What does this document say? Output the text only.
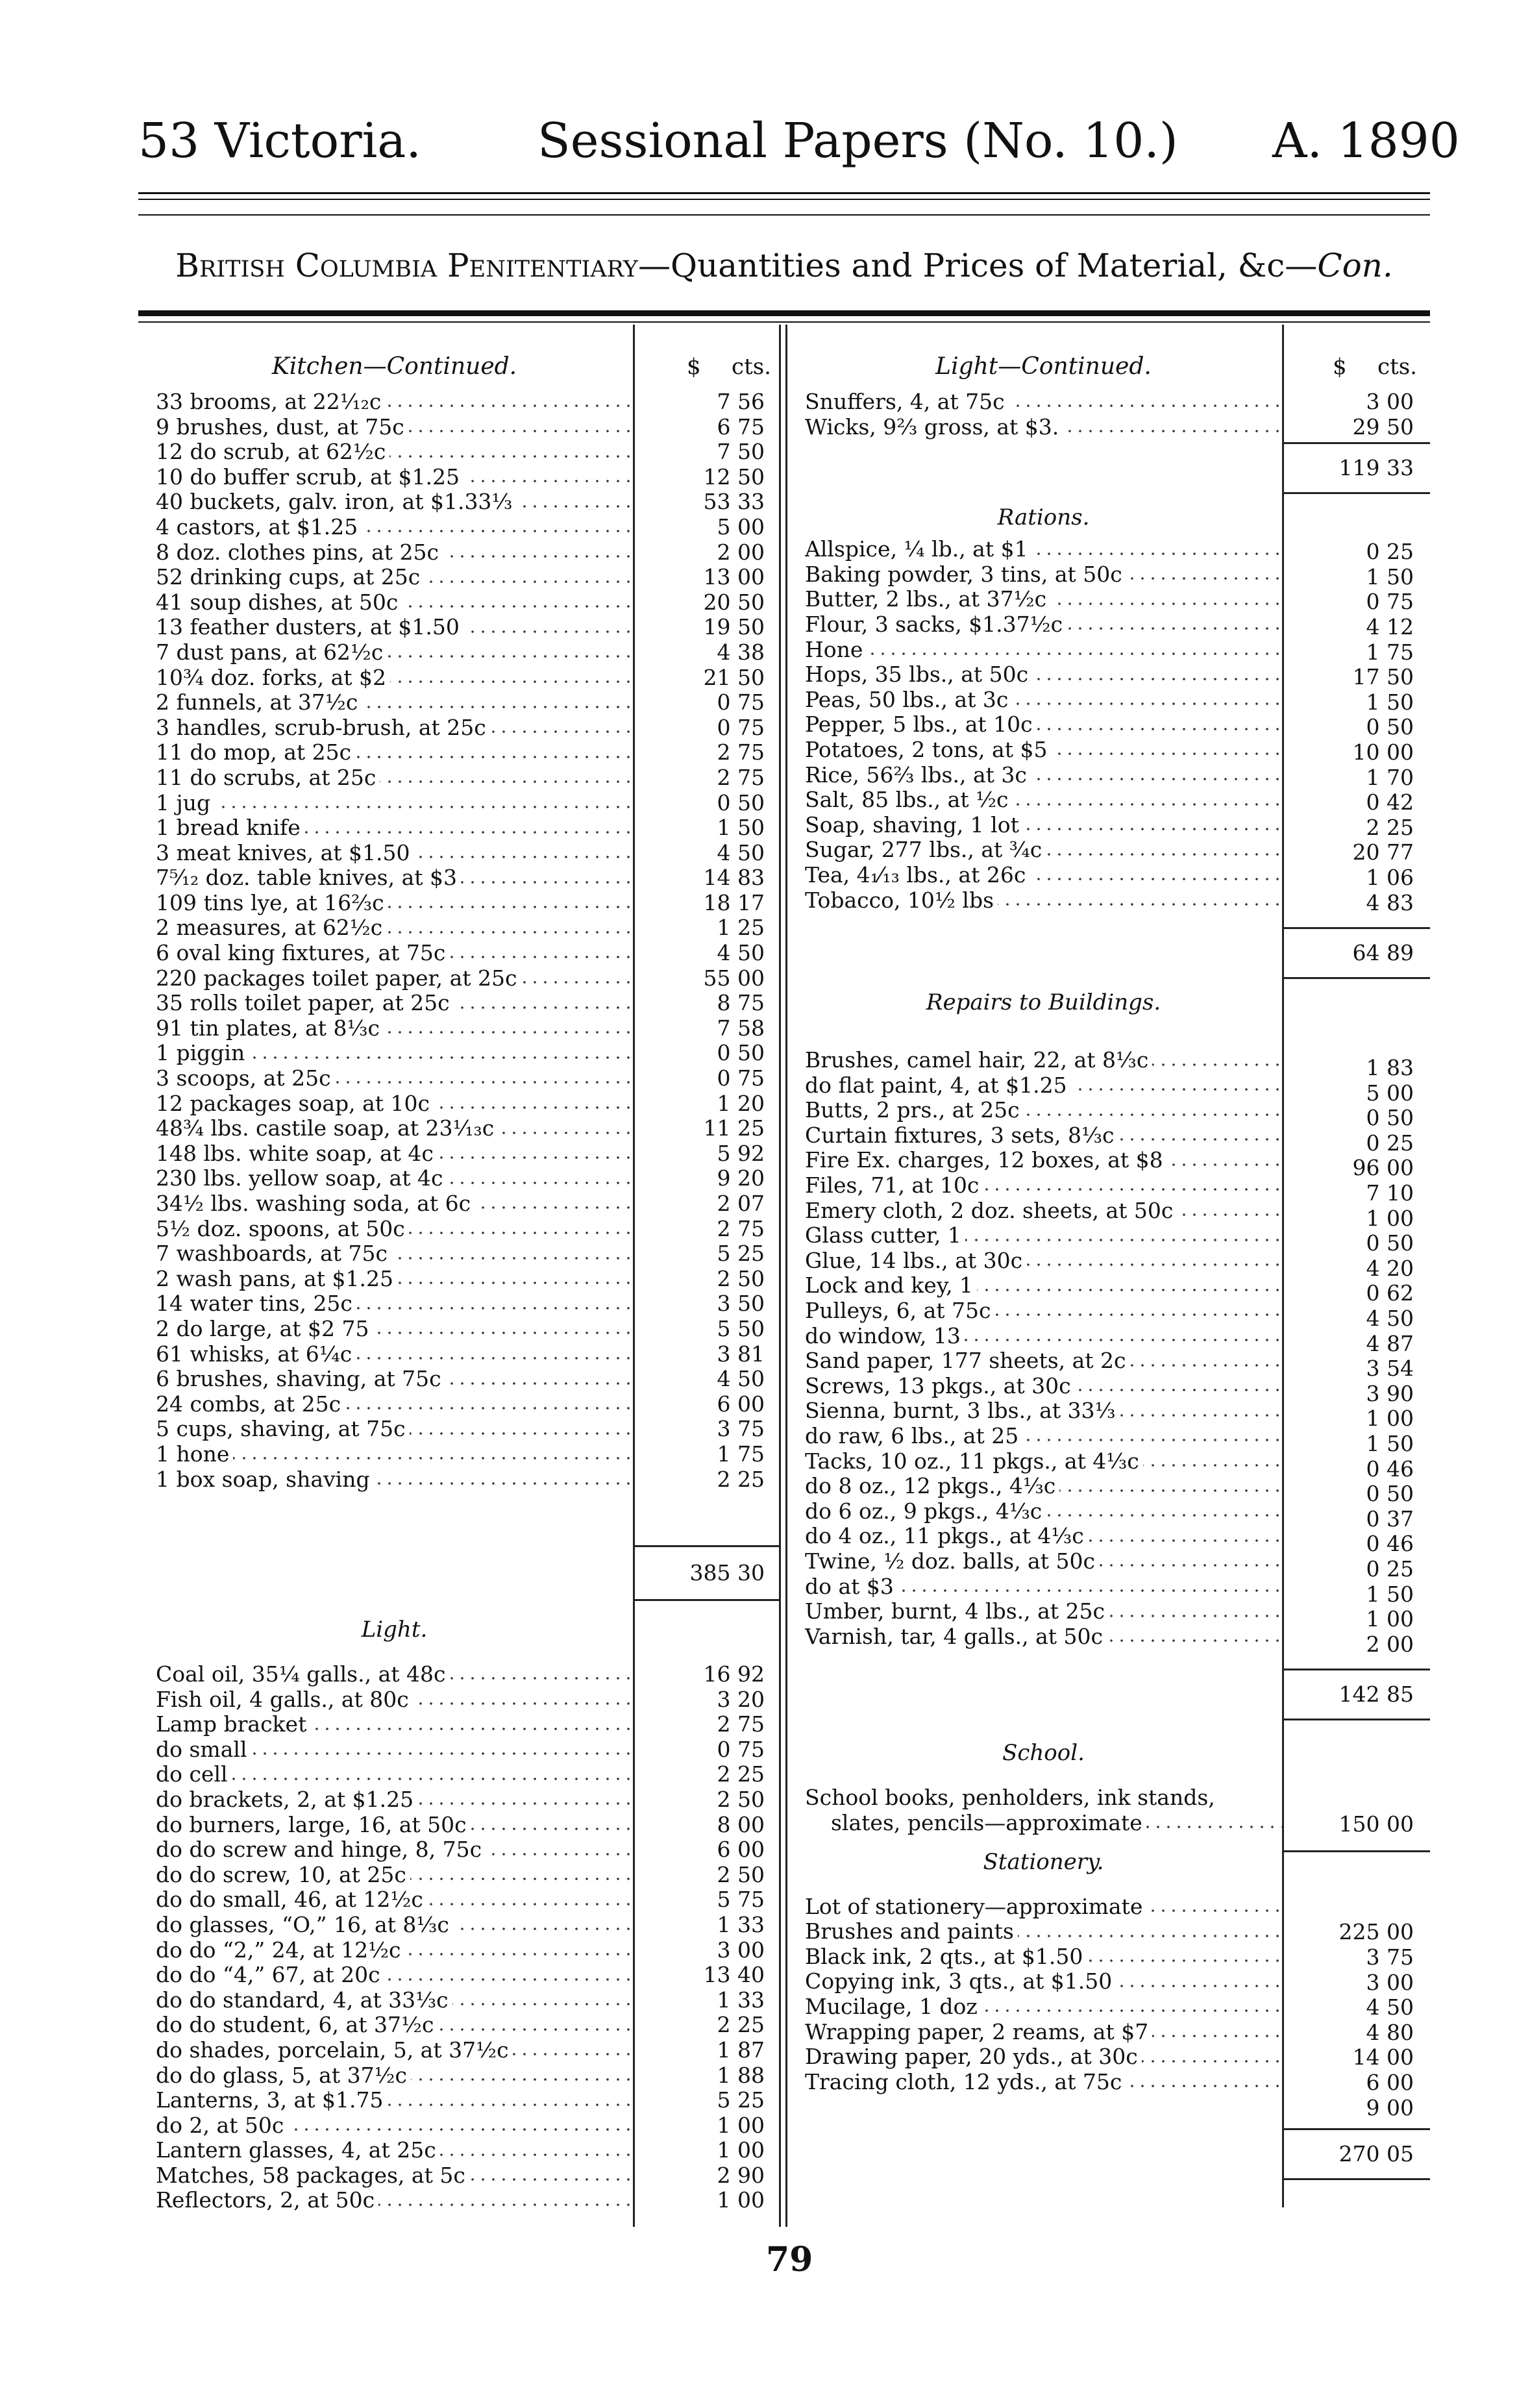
53 Victoria. Sessional Papers (No. 10.) A. 1890
British Columbia Penitentiary—Quantities and Prices of Material, &c—Con.
Kitchen—Continued.
33 brooms, at 22¹⁄₁₂c
9 brushes, dust, at 75c
12 do scrub, at 62½c
10 do buffer scrub, at $1.25
40 buckets, galv. iron, at $1.33⅓
4 castors, at $1.25
8 doz. clothes pins, at 25c
52 drinking cups, at 25c
41 soup dishes, at 50c
13 feather dusters, at $1.50
7 dust pans, at 62½c
10¾ doz. forks, at $2
2 funnels, at 37½c
3 handles, scrub-brush, at 25c
11 do mop, at 25c
11 do scrubs, at 25c
1 jug
1 bread knife
3 meat knives, at $1.50
7⁵⁄₁₂ doz. table knives, at $3
109 tins lye, at 16⅔c
2 measures, at 62½c
6 oval king fixtures, at 75c
220 packages toilet paper, at 25c
35 rolls toilet paper, at 25c
91 tin plates, at 8⅓c
1 piggin
3 scoops, at 25c
12 packages soap, at 10c
48¾ lbs. castile soap, at 23¹⁄₁₃c
148 lbs. white soap, at 4c
230 lbs. yellow soap, at 4c
34½ lbs. washing soda, at 6c
5½ doz. spoons, at 50c
7 washboards, at 75c
2 wash pans, at $1.25
14 water tins, 25c
2 do large, at $2 75
61 whisks, at 6¼c
6 brushes, shaving, at 75c
24 combs, at 25c
5 cups, shaving, at 75c
1 hone
1 box soap, shaving
$ cts.
7 56
6 75
7 50
12 50
53 33
5 00
2 00
13 00
20 50
19 50
4 38
21 50
0 75
0 75
2 75
2 75
0 50
1 50
4 50
14 83
18 17
1 25
4 50
55 00
8 75
7 58
0 50
0 75
1 20
11 25
5 92
9 20
2 07
2 75
5 25
2 50
3 50
5 50
3 81
4 50
6 00
3 75
1 75
2 25
385 30
Light.
Coal oil, 35¼ galls., at 48c
Fish oil, 4 galls., at 80c
Lamp bracket
do small
do cell
do brackets, 2, at $1.25
do burners, large, 16, at 50c
do do screw and hinge, 8, 75c
do do screw, 10, at 25c
do do small, 46, at 12½c
do glasses, “O,” 16, at 8⅓c
do do “2,” 24, at 12½c
do do “4,” 67, at 20c
do do standard, 4, at 33⅓c
do do student, 6, at 37½c
do shades, porcelain, 5, at 37½c
do do glass, 5, at 37½c
Lanterns, 3, at $1.75
do 2, at 50c
Lantern glasses, 4, at 25c
Matches, 58 packages, at 5c
Reflectors, 2, at 50c
16 92
3 20
2 75
0 75
2 25
2 50
8 00
6 00
2 50
5 75
1 33
3 00
13 40
1 33
2 25
1 87
1 88
5 25
1 00
1 00
2 90
1 00
Light—Continued.
Snuffers, 4, at 75c
Wicks, 9⅔ gross, at $3.
Rations.
Allspice, ¼ lb., at $1
Baking powder, 3 tins, at 50c
Butter, 2 lbs., at 37½c
Flour, 3 sacks, $1.37½c
Hone
Hops, 35 lbs., at 50c
Peas, 50 lbs., at 3c
Pepper, 5 lbs., at 10c
Potatoes, 2 tons, at $5
Rice, 56⅔ lbs., at 3c
Salt, 85 lbs., at ½c
Soap, shaving, 1 lot
Sugar, 277 lbs., at ¾c
Tea, 4₁⁄₁₃ lbs., at 26c
Tobacco, 10½ lbs
Repairs to Buildings.
Brushes, camel hair, 22, at 8⅓c
do flat paint, 4, at $1.25
Butts, 2 prs., at 25c
Curtain fixtures, 3 sets, 8⅓c
Fire Ex. charges, 12 boxes, at $8
Files, 71, at 10c
Emery cloth, 2 doz. sheets, at 50c
Glass cutter, 1
Glue, 14 lbs., at 30c
Lock and key, 1
Pulleys, 6, at 75c
do window, 13
Sand paper, 177 sheets, at 2c
Screws, 13 pkgs., at 30c
Sienna, burnt, 3 lbs., at 33⅓
do raw, 6 lbs., at 25
Tacks, 10 oz., 11 pkgs., at 4⅓c
do 8 oz., 12 pkgs., 4⅓c
do 6 oz., 9 pkgs., 4⅓c
do 4 oz., 11 pkgs., at 4⅓c
Twine, ½ doz. balls, at 50c
do at $3
Umber, burnt, 4 lbs., at 25c
Varnish, tar, 4 galls., at 50c
School.
School books, penholders, ink stands,
slates, pencils—approximate
Stationery.
Lot of stationery—approximate
Brushes and paints
Black ink, 2 qts., at $1.50
Copying ink, 3 qts., at $1.50
Mucilage, 1 doz
Wrapping paper, 2 reams, at $7
Drawing paper, 20 yds., at 30c
Tracing cloth, 12 yds., at 75c
$ cts.
3 00
29 50
119 33
0 25
1 50
0 75
4 12
1 75
17 50
1 50
0 50
10 00
1 70
0 42
2 25
20 77
1 06
4 83
64 89
1 83
5 00
0 50
0 25
96 00
7 10
1 00
0 50
4 20
0 62
4 50
4 87
3 54
3 90
1 00
1 50
0 46
0 50
0 37
0 46
0 25
1 50
1 00
2 00
142 85
150 00
225 00
3 75
3 00
4 50
4 80
14 00
6 00
9 00
270 05
79
